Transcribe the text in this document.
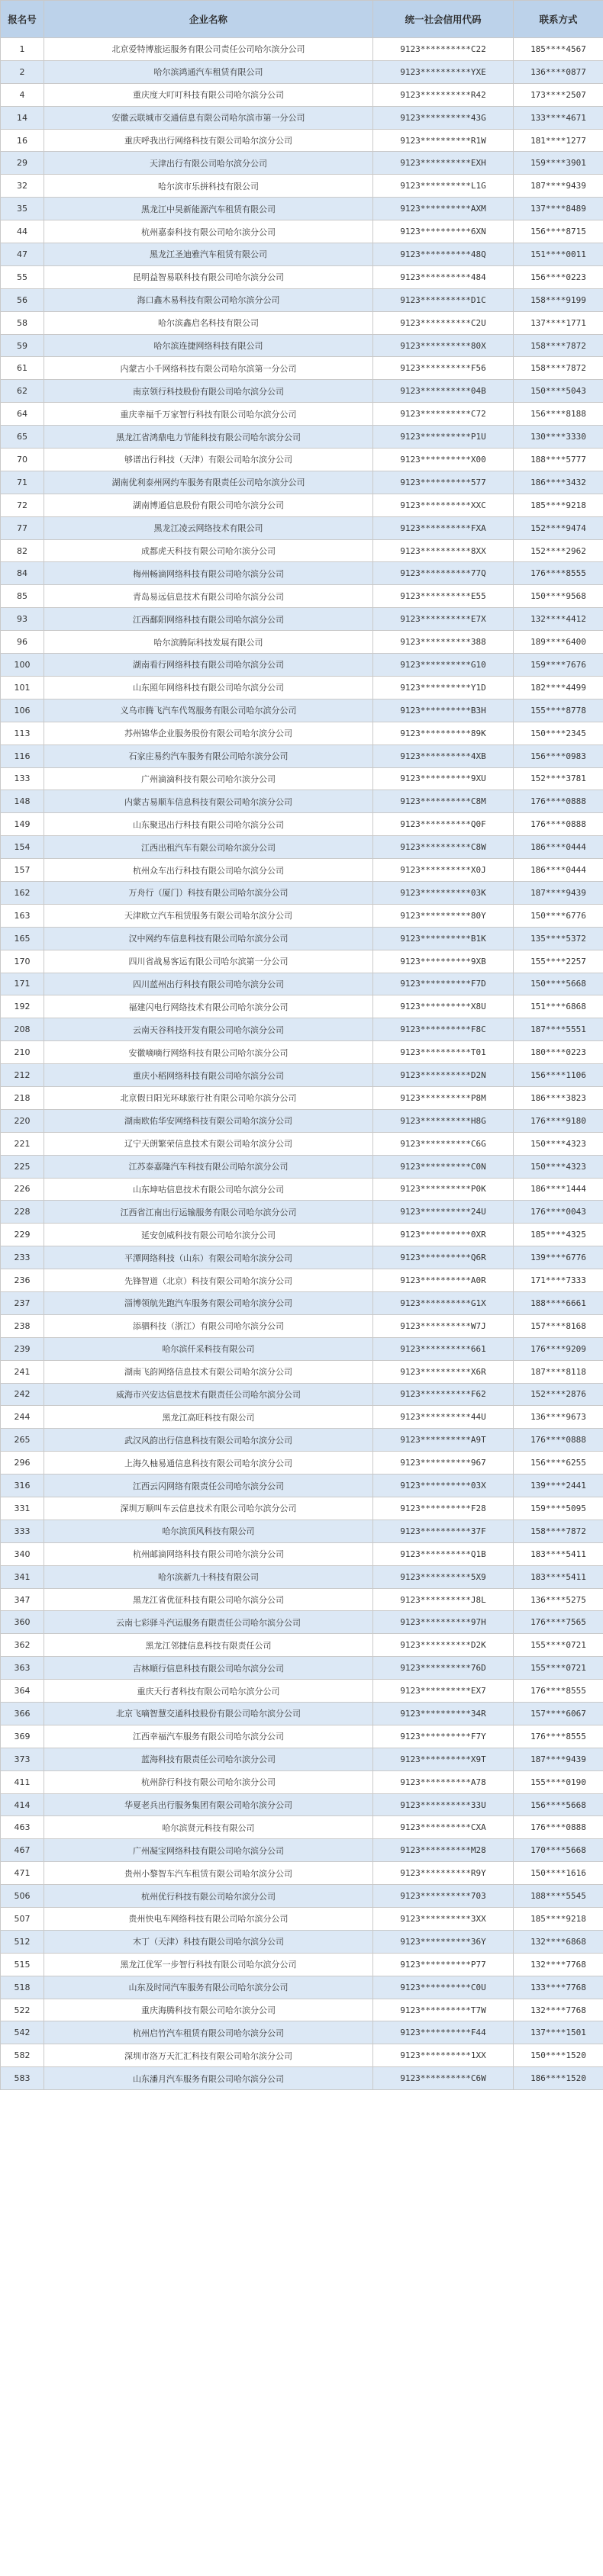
报名号	企业名称	统一社会信用代码	联系方式
1	北京爱特博旅运服务有限公司责任公司哈尔滨分公司	9123**********C22	185****4567
2	哈尔滨鸿通汽车租赁有限公司	9123**********YXE	136****0877
4	重庆度大叮叮科技有限公司哈尔滨分公司	9123**********R42	173****2507
14	安徽云联城市交通信息有限公司哈尔滨市第一分公司	9123**********43G	133****4671
16	重庆呼我出行网络科技有限公司哈尔滨分公司	9123**********R1W	181****1277
29	天津出行有限公司哈尔滨分公司	9123**********EXH	159****3901
32	哈尔滨市乐拼科技有限公司	9123**********L1G	187****9439
35	黑龙江中昊新能源汽车租赁有限公司	9123**********AXM	137****8489
44	杭州嘉泰科技有限公司哈尔滨分公司	9123**********6XN	156****8715
47	黑龙江圣迪雅汽车租赁有限公司	9123**********48Q	151****0011
55	昆明益智易联科技有限公司哈尔滨分公司	9123**********484	156****0223
56	海口鑫木易科技有限公司哈尔滨分公司	9123**********D1C	158****9199
58	哈尔滨鑫启名科技有限公司	9123**********C2U	137****1771
59	哈尔滨连捷网络科技有限公司	9123**********80X	158****7872
61	内蒙古小千网络科技有限公司哈尔滨第一分公司	9123**********F56	158****7872
62	南京领行科技股份有限公司哈尔滨分公司	9123**********04B	150****5043
64	重庆幸福千万家智行科技有限公司哈尔滨分公司	9123**********C72	156****8188
65	黑龙江省鸿鼎电力节能科技有限公司哈尔滨分公司	9123**********P1U	130****3330
70	够谱出行科技（天津）有限公司哈尔滨分公司	9123**********X00	188****5777
71	湖南优利泰州网约车服务有限责任公司哈尔滨分公司	9123**********577	186****3432
72	湖南博通信息股份有限公司哈尔滨分公司	9123**********XXC	185****9218
77	黑龙江凌云网络技术有限公司	9123**********FXA	152****9474
82	成都虎天科技有限公司哈尔滨分公司	9123**********8XX	152****2962
84	梅州畅滴网络科技有限公司哈尔滨分公司	9123**********77Q	176****8555
85	青岛易远信息技术有限公司哈尔滨分公司	9123**********E55	150****9568
93	江西鄱阳网络科技有限公司哈尔滨分公司	9123**********E7X	132****4412
96	哈尔滨腾际科技发展有限公司	9123**********388	189****6400
100	湖南看行网络科技有限公司哈尔滨分公司	9123**********G10	159****7676
101	山东照年网络科技有限公司哈尔滨分公司	9123**********Y1D	182****4499
106	义乌市腾飞汽车代驾服务有限公司哈尔滨分公司	9123**********B3H	155****8778
113	苏州锦华企业服务股份有限公司哈尔滨分公司	9123**********89K	150****2345
116	石家庄易约汽车服务有限公司哈尔滨分公司	9123**********4XB	156****0983
133	广州滴滴科技有限公司哈尔滨分公司	9123**********9XU	152****3781
148	内蒙古易顺车信息科技有限公司哈尔滨分公司	9123**********C8M	176****0888
149	山东聚迅出行科技有限公司哈尔滨分公司	9123**********Q0F	176****0888
154	江西出租汽车有限公司哈尔滨分公司	9123**********C8W	186****0444
157	杭州众车出行科技有限公司哈尔滨分公司	9123**********X0J	186****0444
162	万舟行（厦门）科技有限公司哈尔滨分公司	9123**********03K	187****9439
163	天津欧立汽车租赁服务有限公司哈尔滨分公司	9123**********80Y	150****6776
165	汉中网约车信息科技有限公司哈尔滨分公司	9123**********B1K	135****5372
170	四川省战易客运有限公司哈尔滨第一分公司	9123**********9XB	155****2257
171	四川蓝州出行科技有限公司哈尔滨分公司	9123**********F7D	150****5668
192	福建闪电行网络技术有限公司哈尔滨分公司	9123**********X8U	151****6868
208	云南天谷科技开发有限公司哈尔滨分公司	9123**********F8C	187****5551
210	安徽嘀嘀行网络科技有限公司哈尔滨分公司	9123**********T01	180****0223
212	重庆小稻网络科技有限公司哈尔滨分公司	9123**********D2N	156****1106
218	北京假日阳光环球旅行社有限公司哈尔滨分公司	9123**********P8M	186****3823
220	湖南欧佑华安网络科技有限公司哈尔滨分公司	9123**********H8G	176****9180
221	辽宁天朗繁荣信息技术有限公司哈尔滨分公司	9123**********C6G	150****4323
225	江苏泰嘉隆汽车科技有限公司哈尔滨分公司	9123**********C0N	150****4323
226	山东坤咕信息技术有限公司哈尔滨分公司	9123**********P0K	186****1444
228	江西省江南出行运输服务有限公司哈尔滨分公司	9123**********24U	176****0043
229	延安创威科技有限公司哈尔滨分公司	9123**********0XR	185****4325
233	平潭网络科技（山东）有限公司哈尔滨分公司	9123**********Q6R	139****6776
236	先锋智道（北京）科技有限公司哈尔滨分公司	9123**********A0R	171****7333
237	淄博领航先跑汽车服务有限公司哈尔滨分公司	9123**********G1X	188****6661
238	添驷科技（浙江）有限公司哈尔滨分公司	9123**********W7J	157****8168
239	哈尔滨仟采科技有限公司	9123**********661	176****9209
241	湖南飞韵网络信息技术有限公司哈尔滨分公司	9123**********X6R	187****8118
242	威海市兴安达信息技术有限责任公司哈尔滨分公司	9123**********F62	152****2876
244	黑龙江高旺科技有限公司	9123**********44U	136****9673
265	武汉风韵出行信息科技有限公司哈尔滨分公司	9123**********A9T	176****0888
296	上海久柚易通信息科技有限公司哈尔滨分公司	9123**********967	156****6255
316	江西云闪网络有限责任公司哈尔滨分公司	9123**********03X	139****2441
331	深圳万顺叫车云信息技术有限公司哈尔滨分公司	9123**********F28	159****5095
333	哈尔滨顶风科技有限公司	9123**********37F	158****7872
340	杭州邮滴网络科技有限公司哈尔滨分公司	9123**********Q1B	183****5411
341	哈尔滨新九十科技有限公司	9123**********5X9	183****5411
347	黑龙江省优征科技有限公司哈尔滨分公司	9123**********J8L	136****5275
360	云南七彩驿斗汽运服务有限责任公司哈尔滨分公司	9123**********97H	176****7565
362	黑龙江邻捷信息科技有限责任公司	9123**********D2K	155****0721
363	吉林順行信息科技有限公司哈尔滨分公司	9123**********76D	155****0721
364	重庆天行者科技有限公司哈尔滨分公司	9123**********EX7	176****8555
366	北京飞嘀智慧交通科技股份有限公司哈尔滨分公司	9123**********34R	157****6067
369	江西幸福汽车服务有限公司哈尔滨分公司	9123**********F7Y	176****8555
373	蓝海科技有限责任公司哈尔滨分公司	9123**********X9T	187****9439
411	杭州辞行科技有限公司哈尔滨分公司	9123**********A78	155****0190
414	华夏老兵出行服务集团有限公司哈尔滨分公司	9123**********33U	156****5668
463	哈尔滨贤元科技有限公司	9123**********CXA	176****0888
467	广州凝宝网络科技有限公司哈尔滨分公司	9123**********M28	170****5668
471	贵州小黎智车汽车租赁有限公司哈尔滨分公司	9123**********R9Y	150****1616
506	杭州优行科技有限公司哈尔滨分公司	9123**********703	188****5545
507	贵州快电车网络科技有限公司哈尔滨分公司	9123**********3XX	185****9218
512	木丁（天津）科技有限公司哈尔滨分公司	9123**********36Y	132****6868
515	黑龙江优军一步智行科技有限公司哈尔滨分公司	9123**********P77	132****7768
518	山东及时同汽车服务有限公司哈尔滨分公司	9123**********C0U	133****7768
522	重庆海腾科技有限公司哈尔滨分公司	9123**********T7W	132****7768
542	杭州启竹汽车租赁有限公司哈尔滨分公司	9123**********F44	137****1501
582	深圳市洛万天汇汇科技有限公司哈尔滨分公司	9123**********1XX	150****1520
583	山东潘月汽车服务有限公司哈尔滨分公司	9123**********C6W	186****1520
